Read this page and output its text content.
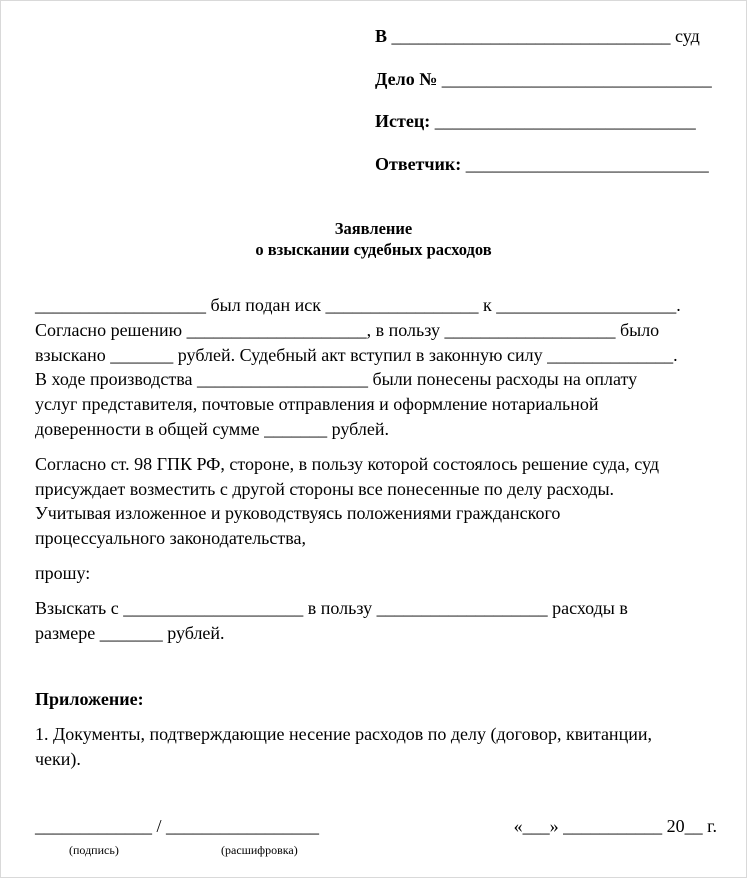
В _______________________________ суд
Дело № ______________________________
Истец: _____________________________
Ответчик: ___________________________
Заявление
о взыскании судебных расходов

___________________ был подан иск _________________ к ____________________.

Согласно решению ____________________, в пользу ___________________ было

взыскано _______ рублей. Судебный акт вступил в законную силу ______________.

В ходе производства ___________________ были понесены расходы на оплату

услуг представителя, почтовые отправления и оформление нотариальной

доверенности в общей сумме _______ рублей.

Согласно ст. 98 ГПК РФ, стороне, в пользу которой состоялось решение суда, суд

присуждает возместить с другой стороны все понесенные по делу расходы.

Учитывая изложенное и руководствуясь положениями гражданского

процессуального законодательства,

прошу:

Взыскать с ____________________ в пользу ___________________ расходы в

размере _______ рублей.

Приложение:

1. Документы, подтверждающие несение расходов по делу (договор, квитанции,

чеки).

_____________ / _________________	«___» ___________ 20__ г.
(подпись)	(расшифровка)
